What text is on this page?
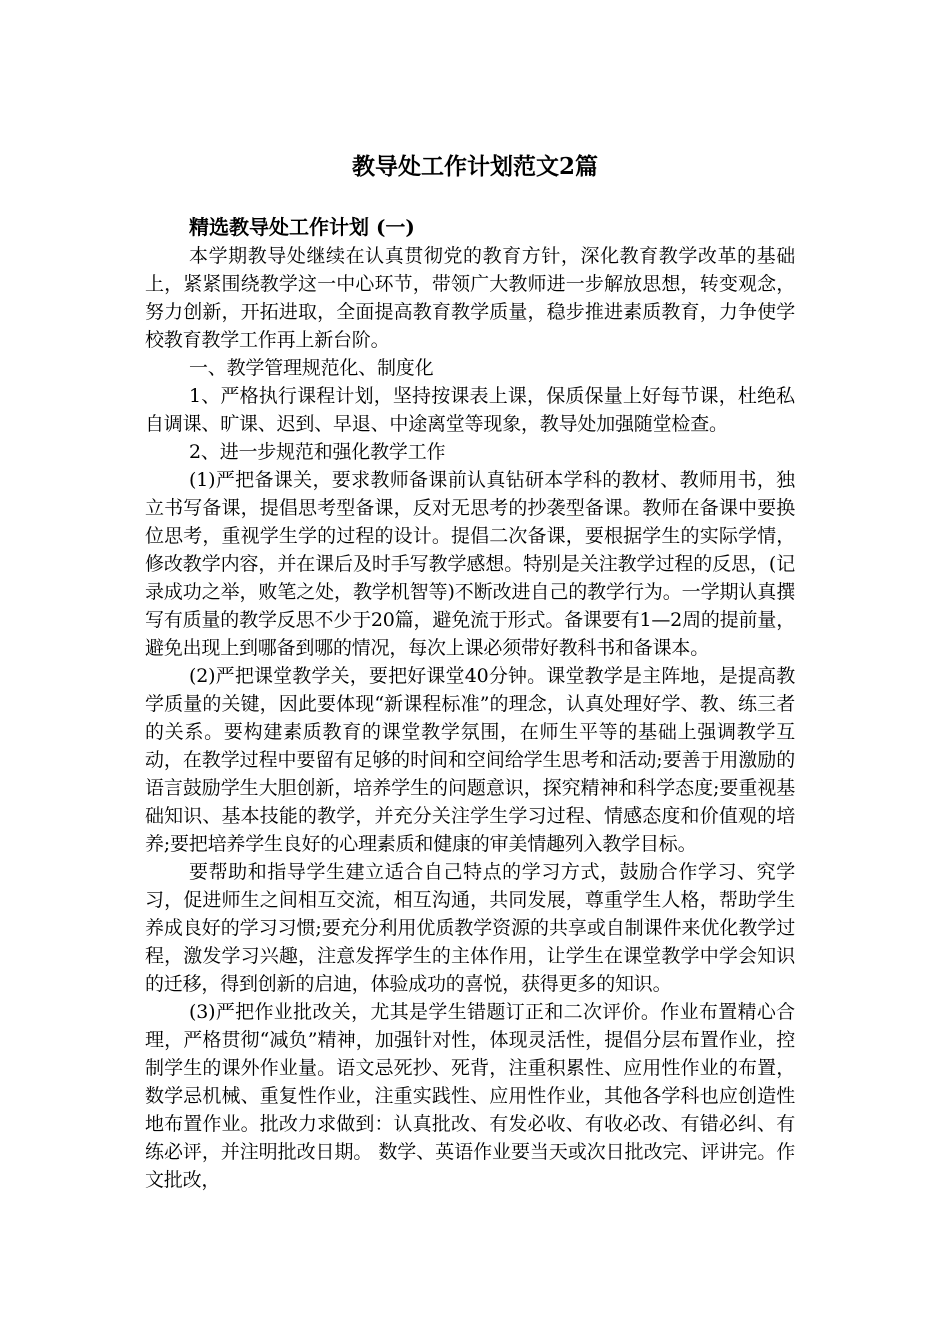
教导处工作计划范文2篇

精选教导处工作计划 (一)

本学期教导处继续在认真贯彻党的教育方针，深化教育教学改革的基础上，紧紧围绕教学这一中心环节，带领广大教师进一步解放思想，转变观念，努力创新，开拓进取，全面提高教育教学质量，稳步推进素质教育，力争使学校教育教学工作再上新台阶。

一、教学管理规范化、制度化

1、严格执行课程计划，坚持按课表上课，保质保量上好每节课，杜绝私自调课、旷课、迟到、早退、中途离堂等现象，教导处加强随堂检查。

2、进一步规范和强化教学工作

(1)严把备课关，要求教师备课前认真钻研本学科的教材、教师用书，独立书写备课，提倡思考型备课，反对无思考的抄袭型备课。教师在备课中要换位思考，重视学生学的过程的设计。提倡二次备课，要根据学生的实际学情，修改教学内容，并在课后及时手写教学感想。特别是关注教学过程的反思，(记录成功之举，败笔之处，教学机智等)不断改进自己的教学行为。一学期认真撰写有质量的教学反思不少于20篇，避免流于形式。备课要有1—2周的提前量，避免出现上到哪备到哪的情况，每次上课必须带好教科书和备课本。

(2)严把课堂教学关，要把好课堂40分钟。课堂教学是主阵地，是提高教学质量的关键，因此要体现“新课程标准”的理念，认真处理好学、教、练三者的关系。要构建素质教育的课堂教学氛围，在师生平等的基础上强调教学互动，在教学过程中要留有足够的时间和空间给学生思考和活动;要善于用激励的语言鼓励学生大胆创新，培养学生的问题意识，探究精神和科学态度;要重视基础知识、基本技能的教学，并充分关注学生学习过程、情感态度和价值观的培养;要把培养学生良好的心理素质和健康的审美情趣列入教学目标。

要帮助和指导学生建立适合自己特点的学习方式，鼓励合作学习、究学习，促进师生之间相互交流，相互沟通，共同发展，尊重学生人格，帮助学生养成良好的学习习惯;要充分利用优质教学资源的共享或自制课件来优化教学过程，激发学习兴趣，注意发挥学生的主体作用，让学生在课堂教学中学会知识的迁移，得到创新的启迪，体验成功的喜悦，获得更多的知识。

(3)严把作业批改关，尤其是学生错题订正和二次评价。作业布置精心合理，严格贯彻“减负”精神，加强针对性，体现灵活性，提倡分层布置作业，控制学生的课外作业量。语文忌死抄、死背，注重积累性、应用性作业的布置，数学忌机械、重复性作业，注重实践性、应用性作业，其他各学科也应创造性地布置作业。批改力求做到：认真批改、有发必收、有收必改、有错必纠、有练必评，并注明批改日期。 数学、英语作业要当天或次日批改完、评讲完。作文批改，
